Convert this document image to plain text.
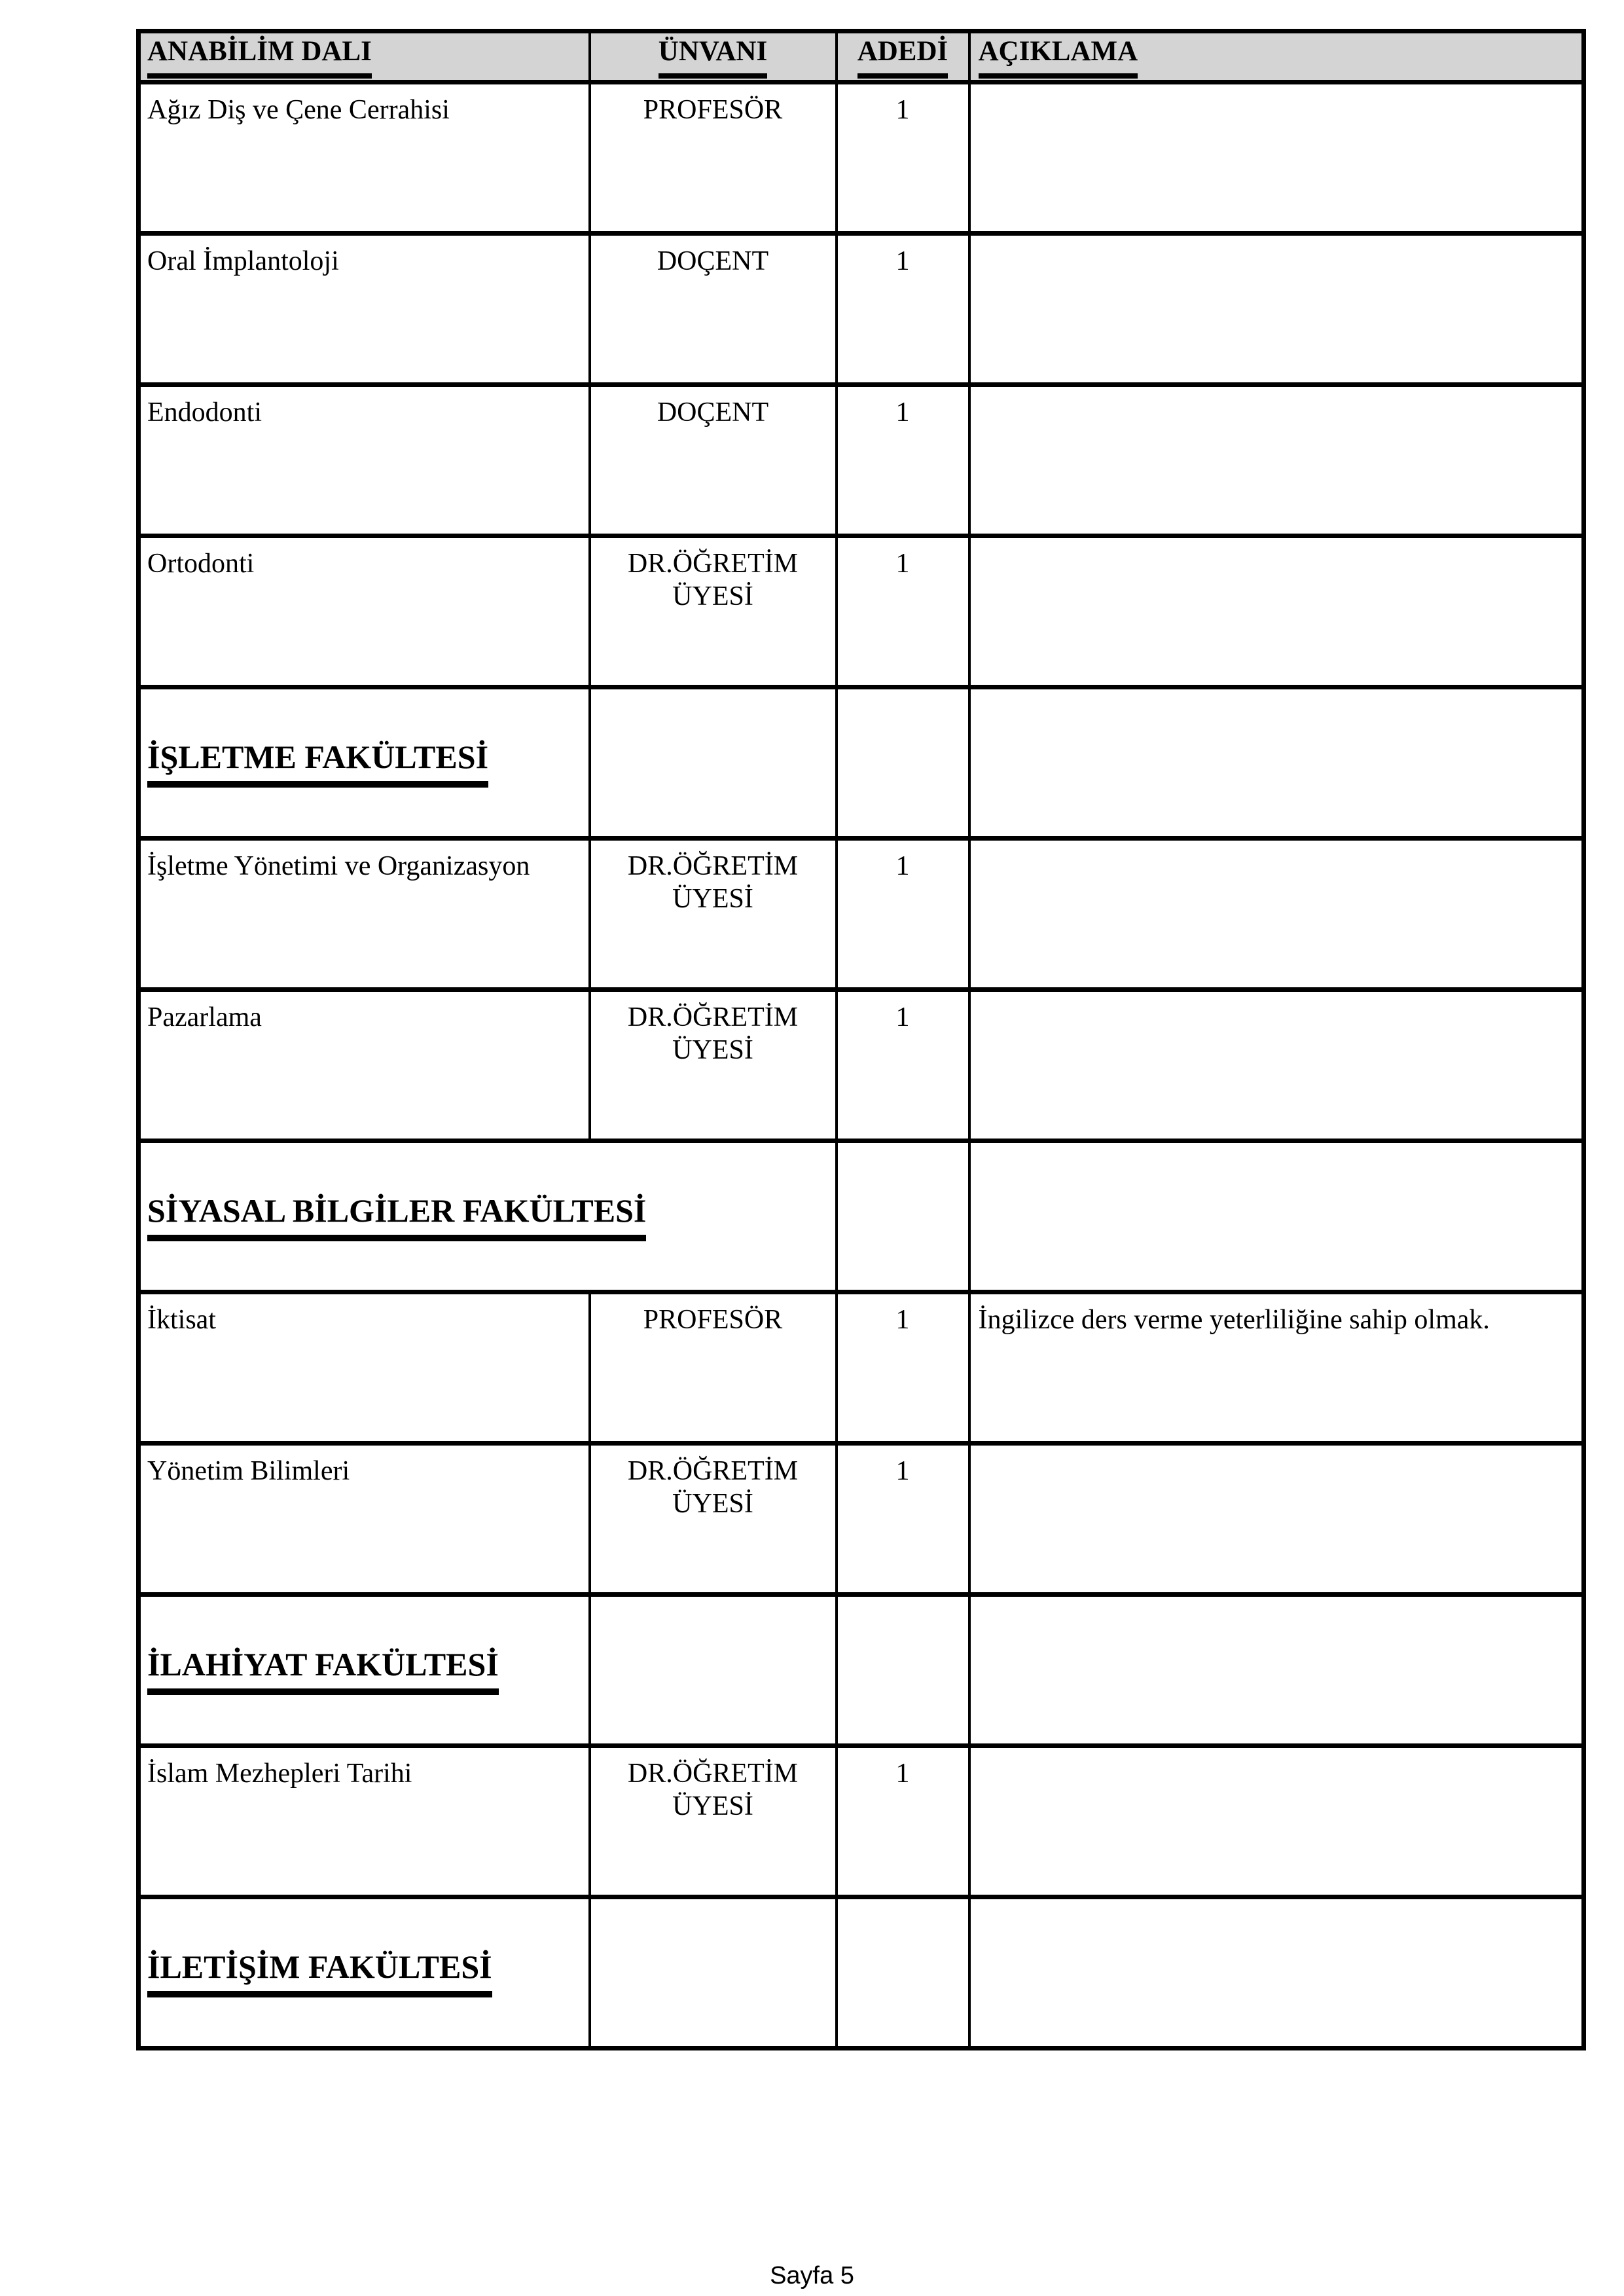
ANABİLİM DALI	ÜNVANI	ADEDİ	AÇIKLAMA
Ağız Diş ve Çene Cerrahisi	PROFESÖR	1	
Oral İmplantoloji	DOÇENT	1	
Endodonti	DOÇENT	1	
Ortodonti	DR.ÖĞRETİM ÜYESİ	1	
İŞLETME FAKÜLTESİ			
İşletme Yönetimi ve Organizasyon	DR.ÖĞRETİM ÜYESİ	1	
Pazarlama	DR.ÖĞRETİM ÜYESİ	1	
SİYASAL BİLGİLER FAKÜLTESİ			
İktisat	PROFESÖR	1	İngilizce ders verme yeterliliğine sahip olmak.
Yönetim Bilimleri	DR.ÖĞRETİM ÜYESİ	1	
İLAHİYAT FAKÜLTESİ			
İslam Mezhepleri Tarihi	DR.ÖĞRETİM ÜYESİ	1	
İLETİŞİM FAKÜLTESİ			
Sayfa 5
